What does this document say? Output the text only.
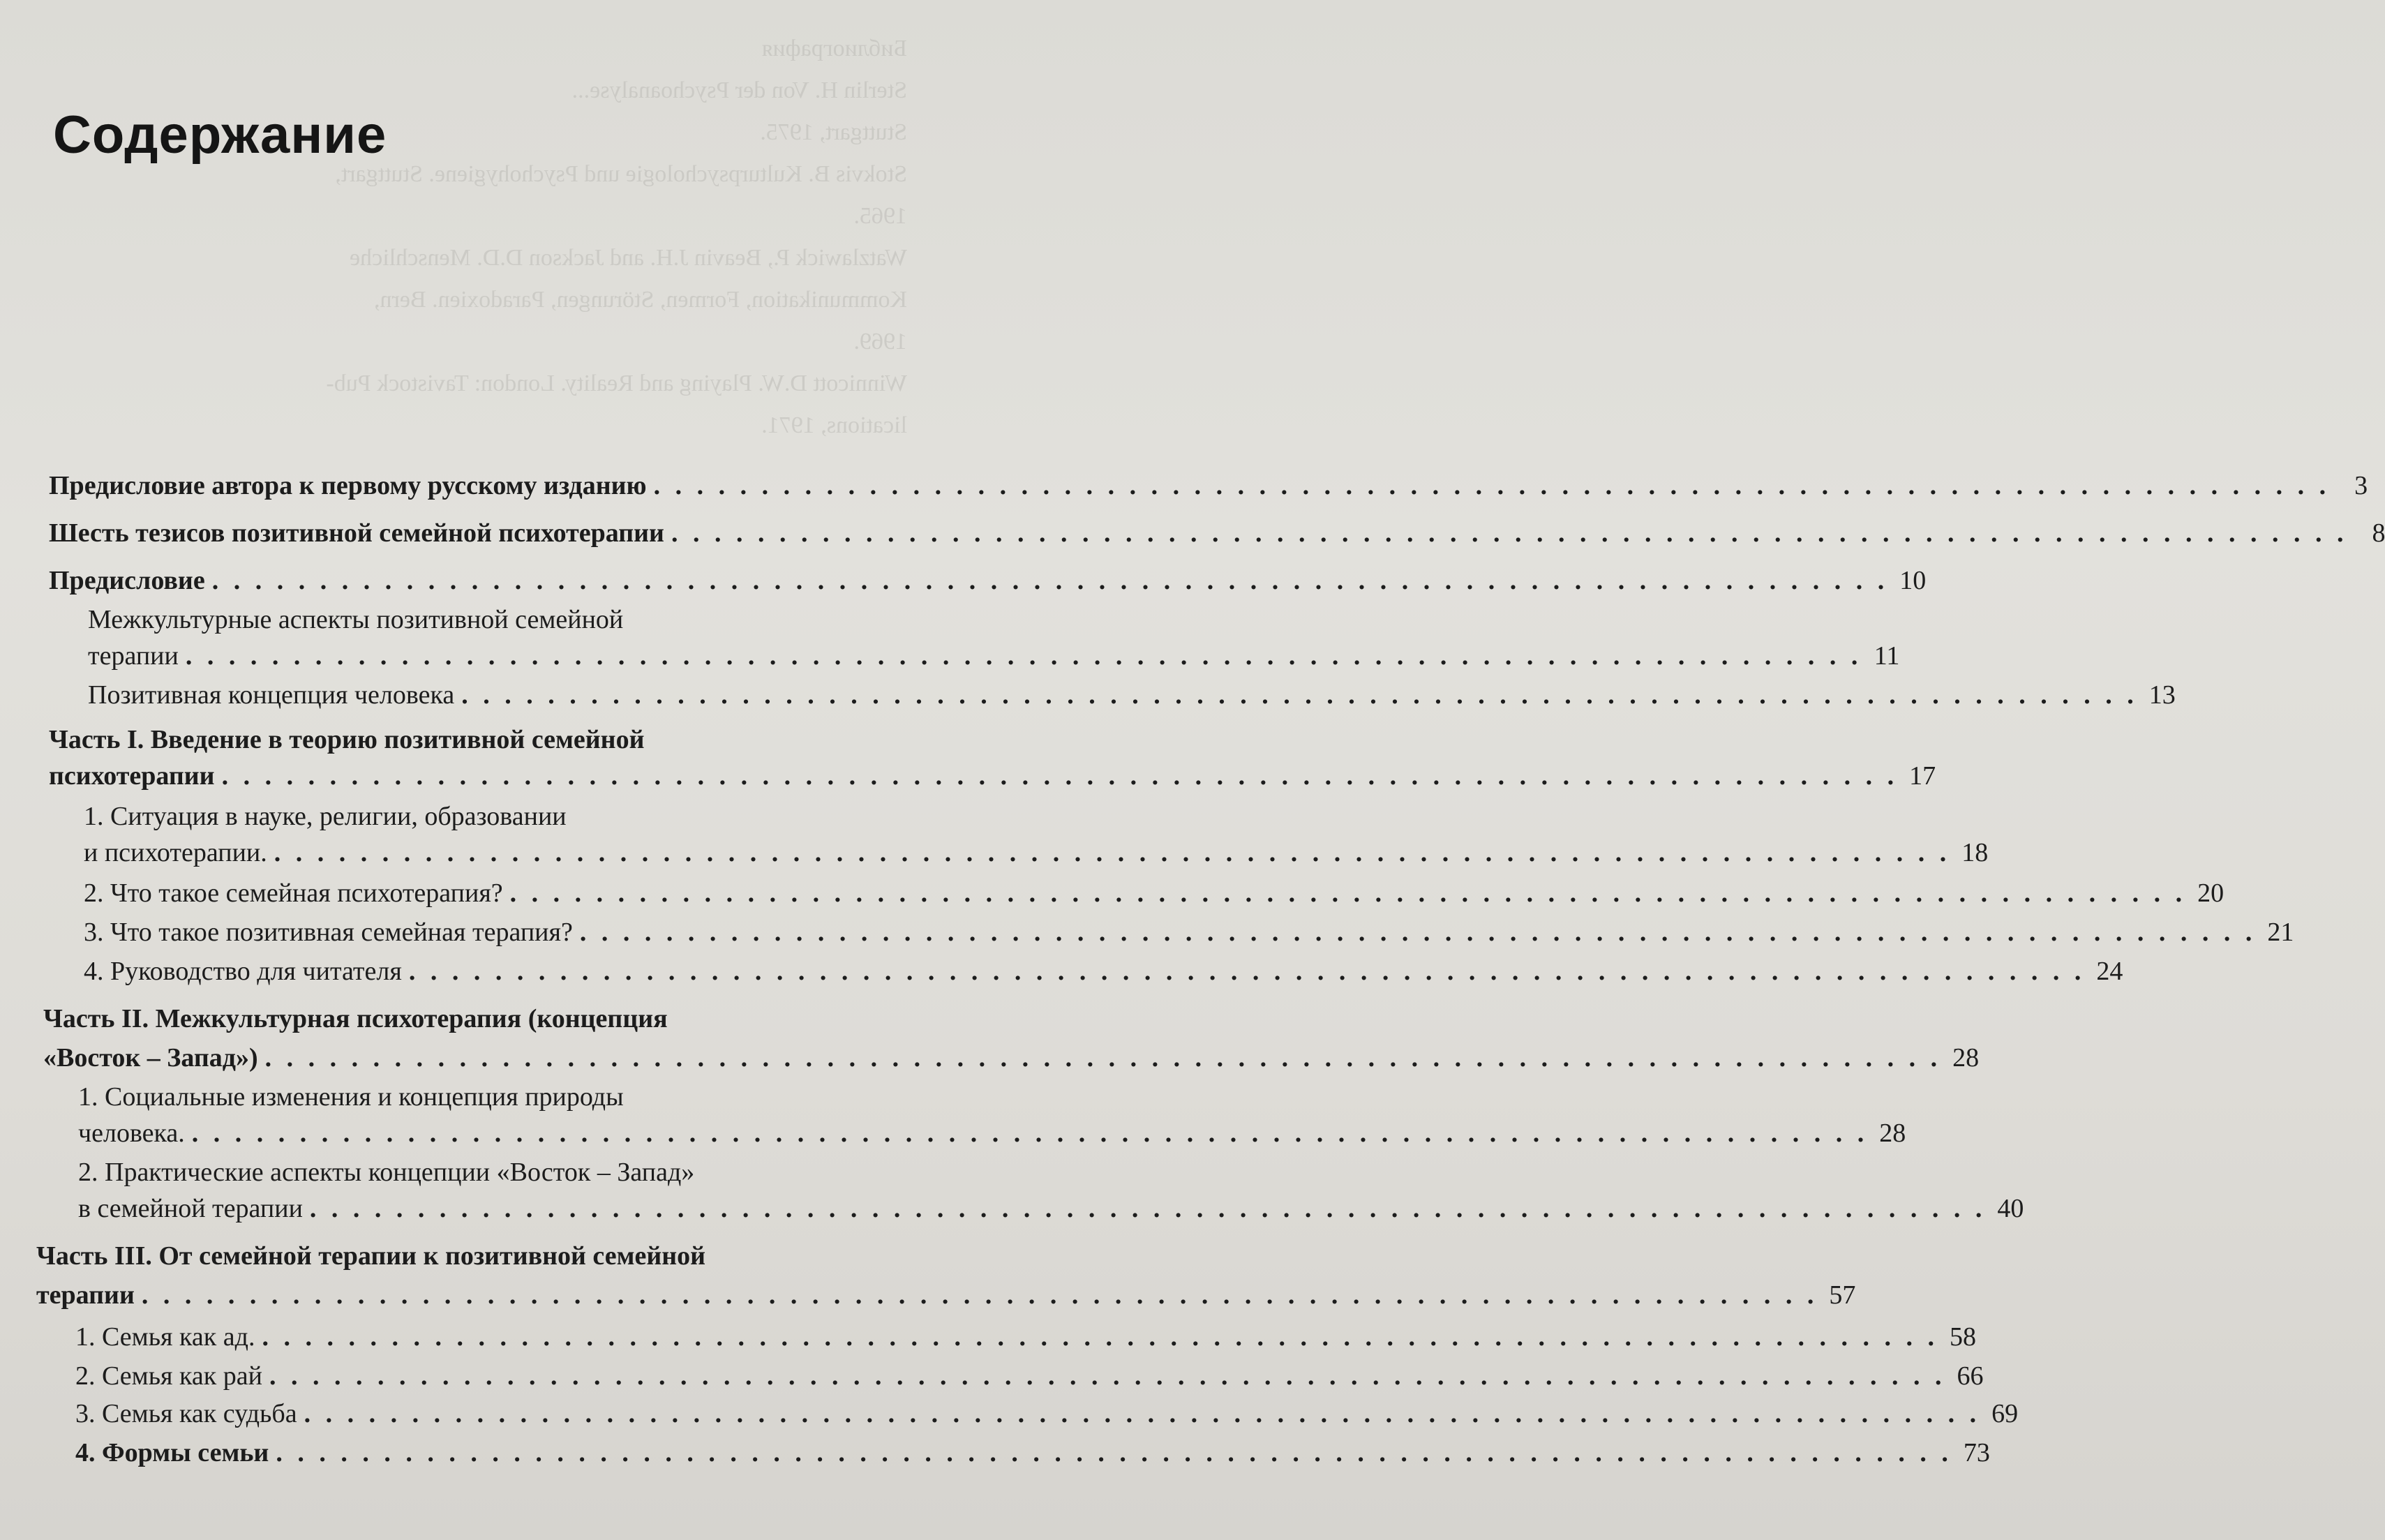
Библиография
Sterlin H. Von der Psychoanalyse...
Stuttgart, 1975.
Stokvis B. Kulturpsychologie und Psychohygiene. Stuttgart,
1965.
Watzlawick P., Beavin J.H. and Jackson D.D. Menschliche
Kommunikation, Formen, Störungen, Paradoxien. Bern,
1969.
Winnicott D.W. Playing and Reality. London: Tavistock Pub-
lications, 1971.
Содержание
Предисловие автора к первому русскому изданию . . .	3
Шесть тезисов позитивной семейной психотерапии . . .	8
Предисловие . . .	10
Межкультурные аспекты позитивной семейной
терапии . . .	11
Позитивная концепция человека . . .	13
Часть I. Введение в теорию позитивной семейной
психотерапии . . .	17
1. Ситуация в науке, религии, образовании
и психотерапии. . . .	18
2. Что такое семейная психотерапия? . . .	20
3. Что такое позитивная семейная терапия? . . .	21
4. Руководство для читателя . . .	24
Часть II. Межкультурная психотерапия (концепция
«Восток – Запад») . . .	28
1. Социальные изменения и концепция природы
человека. . . .	28
2. Практические аспекты концепции «Восток – Запад»
в семейной терапии . . .	40
Часть III. От семейной терапии к позитивной семейной
терапии . . .	57
1. Семья как ад. . . .	58
2. Семья как рай . . .	66
3. Семья как судьба . . .	69
4. Формы семьи . . .	73
